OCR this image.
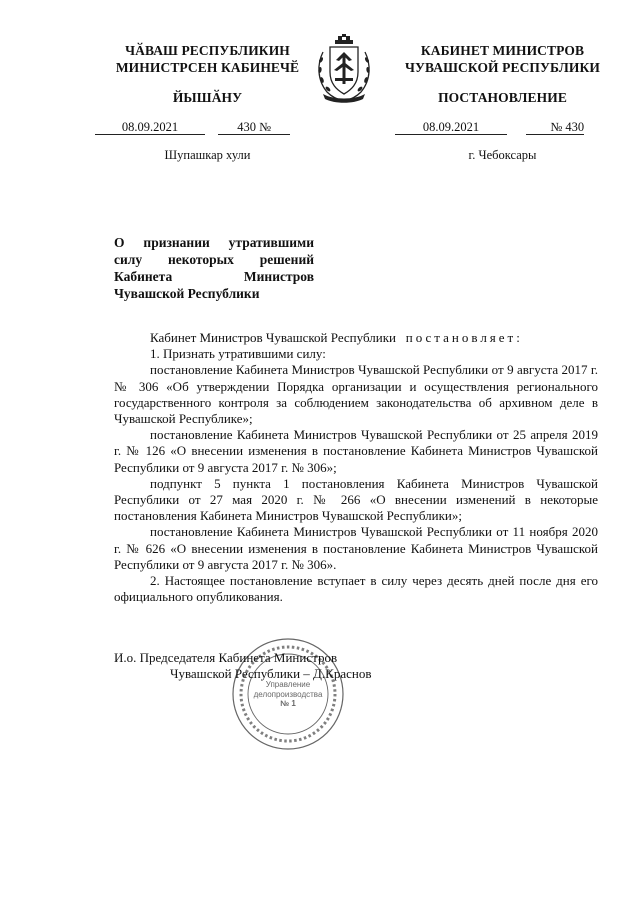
ЧӐВАШ РЕСПУБЛИКИН
МИНИСТРСЕН КАБИНЕЧӖ
ЙЫШӐНУ
08.09.2021	430 №
Шупашкар хули
КАБИНЕТ МИНИСТРОВ
ЧУВАШСКОЙ РЕСПУБЛИКИ
ПОСТАНОВЛЕНИЕ
08.09.2021	№ 430
г. Чебоксары
О признании утратившими силу некоторых решений Кабинета Министров Чувашской Республики

Кабинет Министров Чувашской Республики постановляет:

1. Признать утратившими силу:

постановление Кабинета Министров Чувашской Республики от 9 августа 2017 г. № 306 «Об утверждении Порядка организации и осуществления регионального государственного контроля за соблюдением законодательства об архивном деле в Чувашской Республике»;

постановление Кабинета Министров Чувашской Республики от 25 апреля 2019 г. № 126 «О внесении изменения в постановление Кабинета Министров Чувашской Республики от 9 августа 2017 г. № 306»;

подпункт 5 пункта 1 постановления Кабинета Министров Чувашской Республики от 27 мая 2020 г. № 266 «О внесении изменений в некоторые постановления Кабинета Министров Чувашской Республики»;

постановление Кабинета Министров Чувашской Республики от 11 ноября 2020 г. № 626 «О внесении изменения в постановление Кабинета Министров Чувашской Республики от 9 августа 2017 г. № 306».

2. Настоящее постановление вступает в силу через десять дней после дня его официального опубликования.

Управление
делопроизводства
№ 1
И.о. Председателя Кабинета Министров
Чувашской Республики – Д.Краснов
